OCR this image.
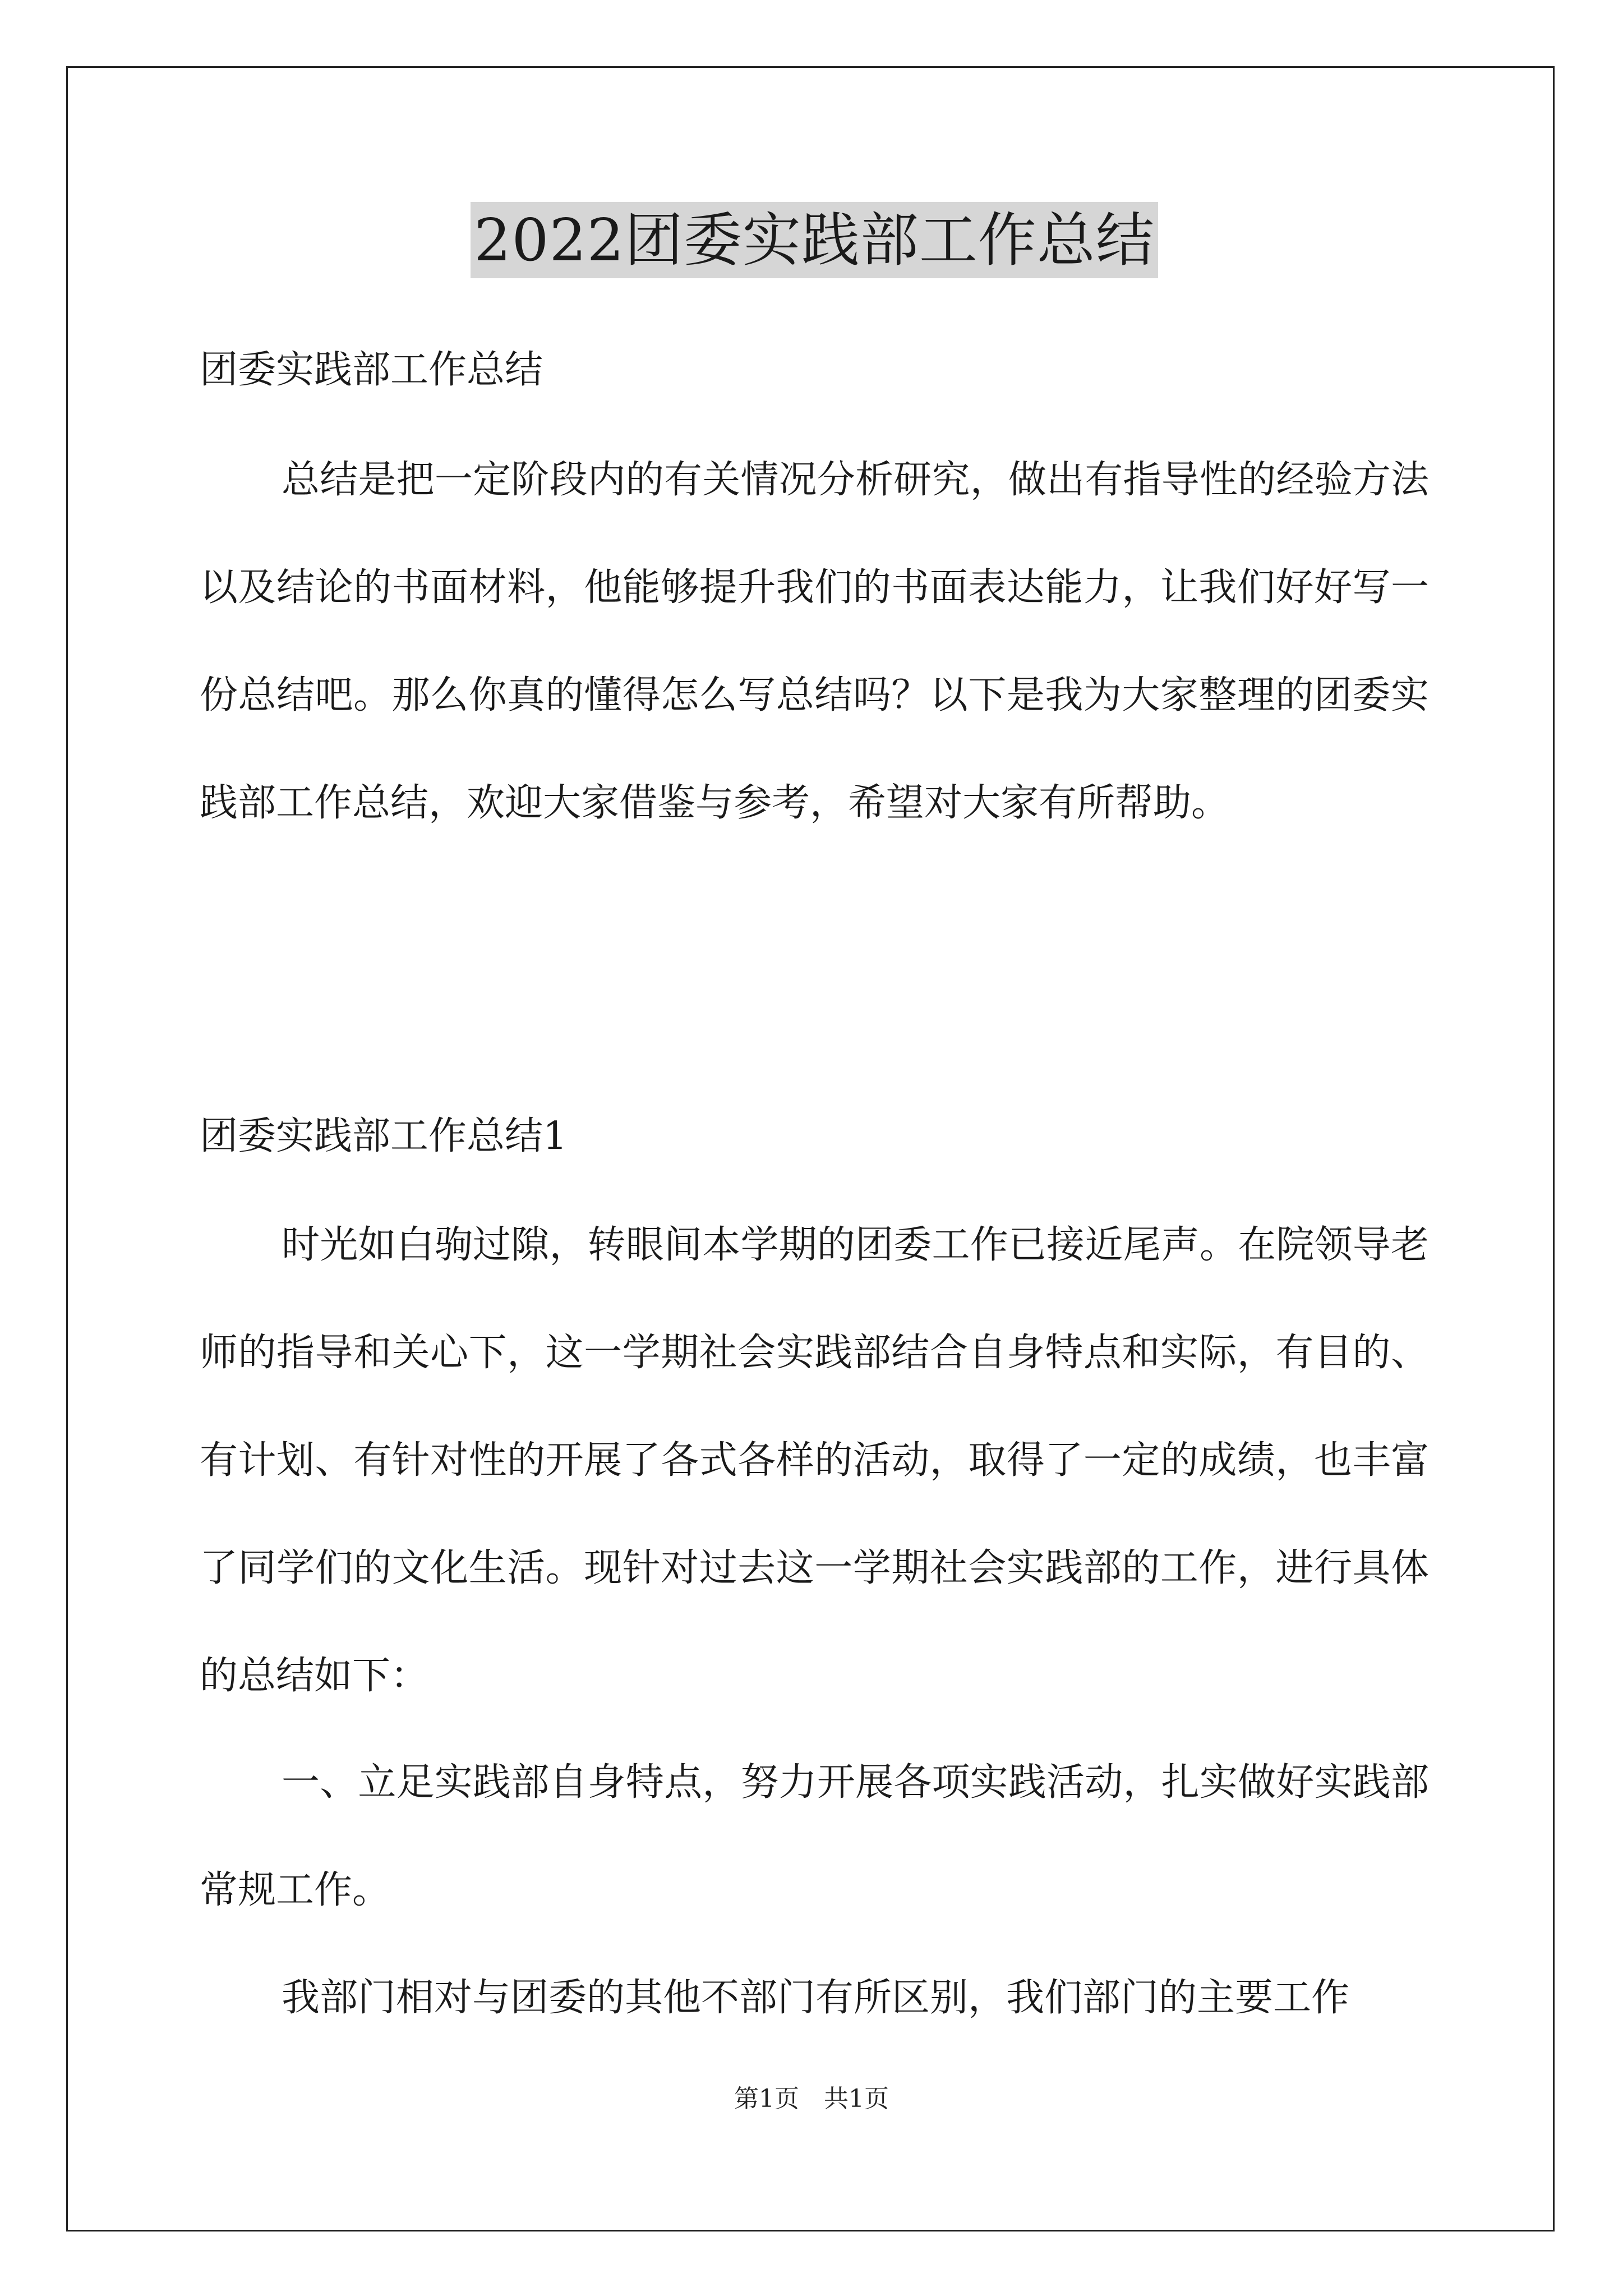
2022团委实践部工作总结

团委实践部工作总结

总结是把一定阶段内的有关情况分析研究，做出有指导性的经验方法以及结论的书面材料，他能够提升我们的书面表达能力，让我们好好写一份总结吧。那么你真的懂得怎么写总结吗？以下是我为大家整理的团委实践部工作总结，欢迎大家借鉴与参考，希望对大家有所帮助。

团委实践部工作总结1

时光如白驹过隙，转眼间本学期的团委工作已接近尾声。在院领导老师的指导和关心下，这一学期社会实践部结合自身特点和实际，有目的、有计划、有针对性的开展了各式各样的活动，取得了一定的成绩，也丰富了同学们的文化生活。现针对过去这一学期社会实践部的工作，进行具体的总结如下：

一、立足实践部自身特点，努力开展各项实践活动，扎实做好实践部常规工作。

我部门相对与团委的其他不部门有所区别，我们部门的主要工作

第1页 共1页
